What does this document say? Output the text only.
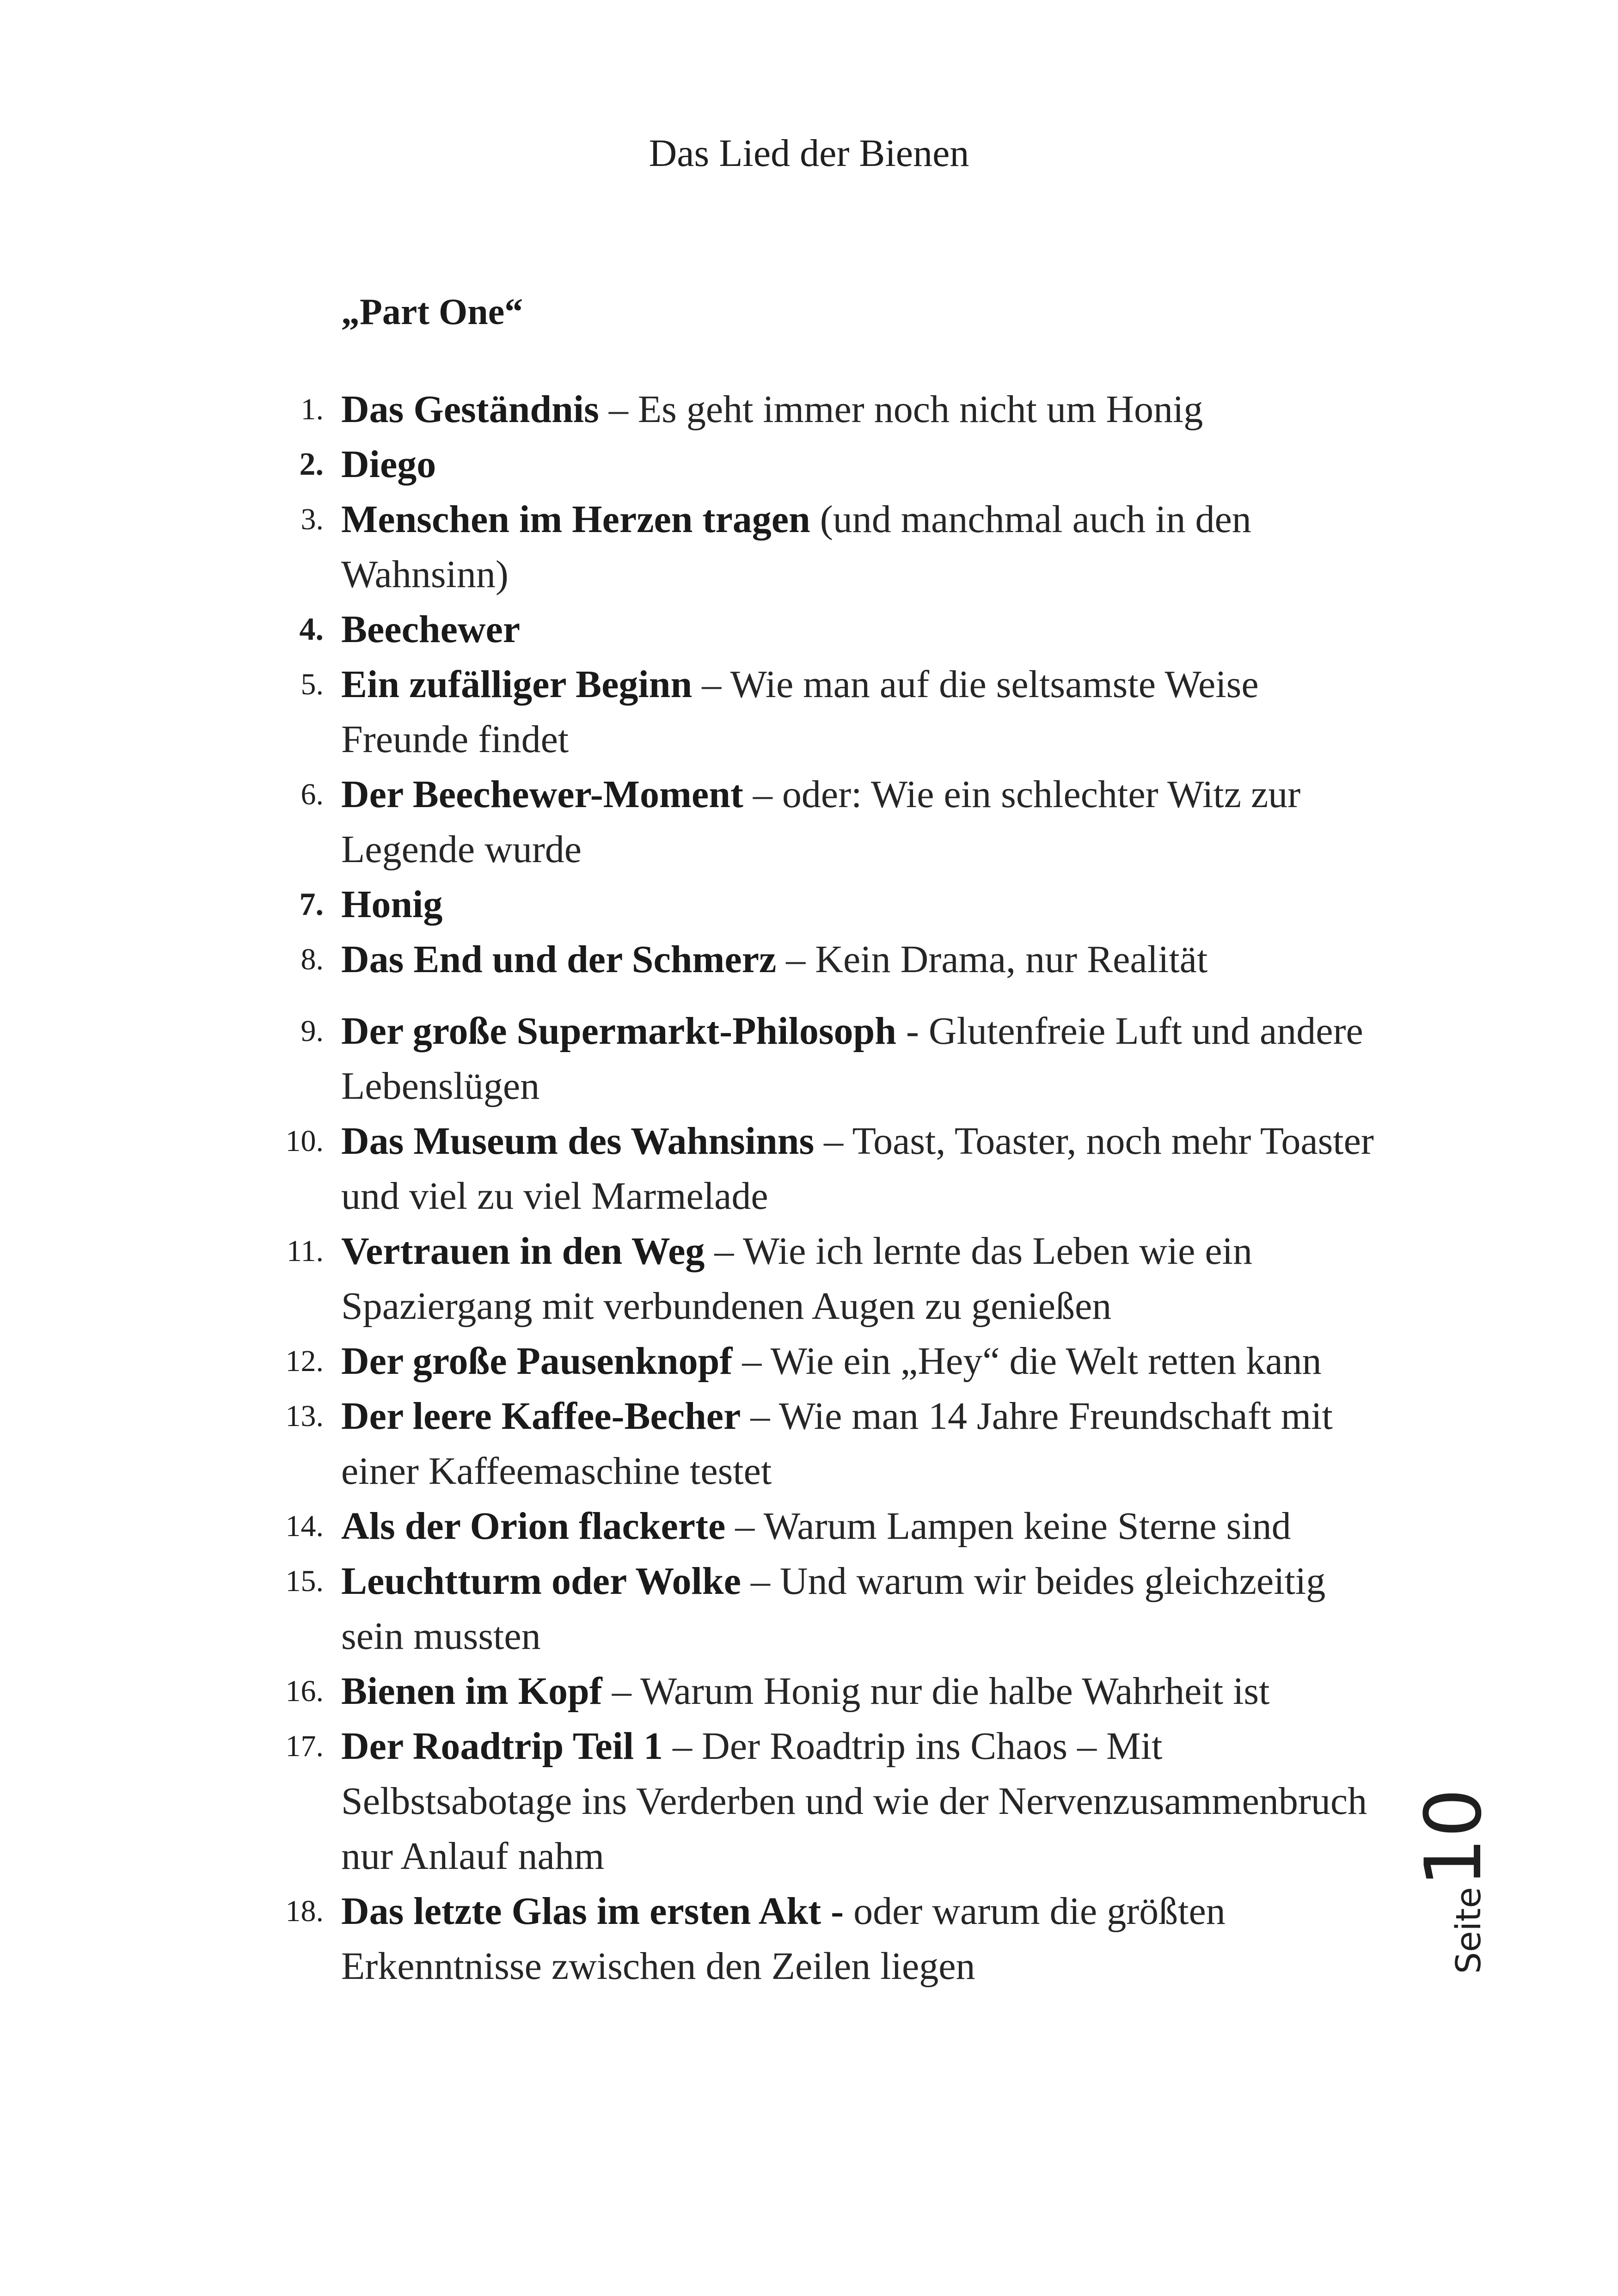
Das Lied der Bienen
„Part One“
1. Das Geständnis – Es geht immer noch nicht um Honig
2. Diego
3. Menschen im Herzen tragen (und manchmal auch in den Wahnsinn)
4. Beechewer
5. Ein zufälliger Beginn – Wie man auf die seltsamste Weise Freunde findet
6. Der Beechewer-Moment – oder: Wie ein schlechter Witz zur Legende wurde
7. Honig
8. Das End und der Schmerz – Kein Drama, nur Realität
9. Der große Supermarkt-Philosoph - Glutenfreie Luft und andere Lebenslügen
10. Das Museum des Wahnsinns – Toast, Toaster, noch mehr Toaster und viel zu viel Marmelade
11. Vertrauen in den Weg – Wie ich lernte das Leben wie ein Spaziergang mit verbundenen Augen zu genießen
12. Der große Pausenknopf – Wie ein „Hey“ die Welt retten kann
13. Der leere Kaffee-Becher – Wie man 14 Jahre Freundschaft mit einer Kaffeemaschine testet
14. Als der Orion flackerte – Warum Lampen keine Sterne sind
15. Leuchtturm oder Wolke – Und warum wir beides gleichzeitig sein mussten
16. Bienen im Kopf – Warum Honig nur die halbe Wahrheit ist
17. Der Roadtrip Teil 1 – Der Roadtrip ins Chaos – Mit Selbstsabotage ins Verderben und wie der Nervenzusammenbruch nur Anlauf nahm
18. Das letzte Glas im ersten Akt - oder warum die größten Erkenntnisse zwischen den Zeilen liegen	Seite
10
